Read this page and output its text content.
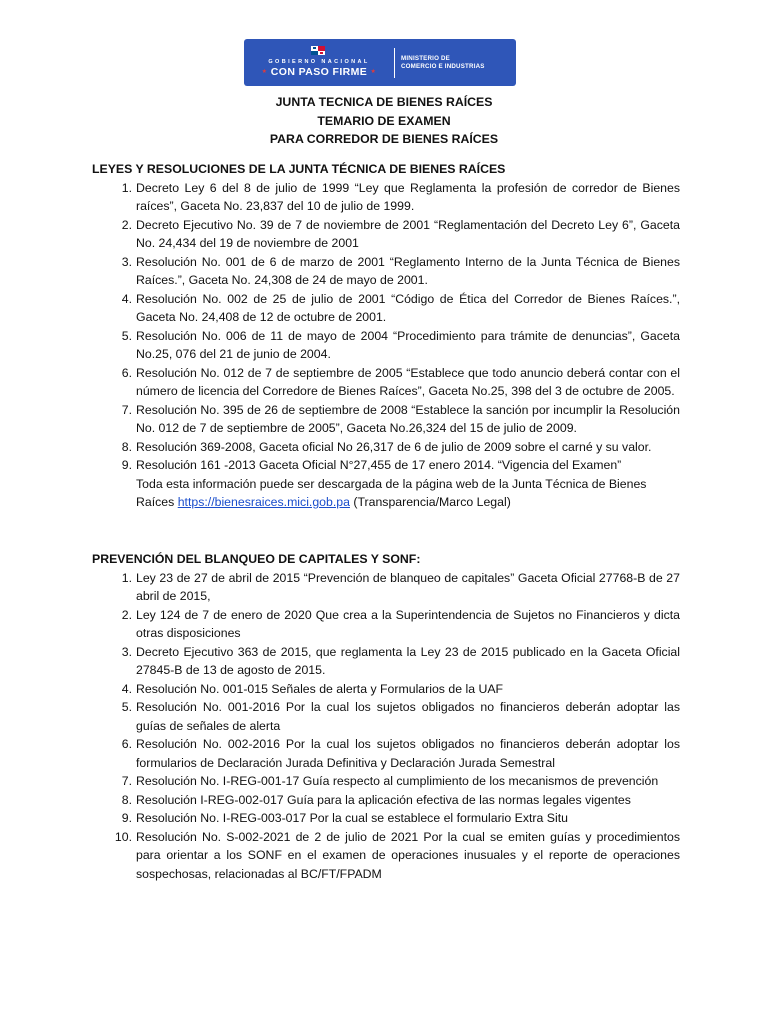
GOBIERNO NACIONAL
★ CON PASO FIRME ★
MINISTERIO DE
COMERCIO E INDUSTRIAS
JUNTA TECNICA DE BIENES RAÍCES
TEMARIO DE EXAMEN
PARA CORREDOR DE BIENES RAÍCES
LEYES Y RESOLUCIONES DE LA JUNTA TÉCNICA DE BIENES RAÍCES
1. Decreto Ley 6 del 8 de julio de 1999 “Ley que Reglamenta la profesión de corredor de Bienes raíces”, Gaceta No. 23,837 del 10 de julio de 1999.
2. Decreto Ejecutivo No. 39 de 7 de noviembre de 2001 “Reglamentación del Decreto Ley 6”, Gaceta No. 24,434 del 19 de noviembre de 2001
3. Resolución No. 001 de 6 de marzo de 2001 “Reglamento Interno de la Junta Técnica de Bienes Raíces.”, Gaceta No. 24,308 de 24 de mayo de 2001.
4. Resolución No. 002 de 25 de julio de 2001 “Código de Ética del Corredor de Bienes Raíces.”, Gaceta No. 24,408 de 12 de octubre de 2001.
5. Resolución No. 006 de 11 de mayo de 2004 “Procedimiento para trámite de denuncias”, Gaceta No.25, 076 del 21 de junio de 2004.
6. Resolución No. 012 de 7 de septiembre de 2005 “Establece que todo anuncio deberá contar con el número de licencia del Corredore de Bienes Raíces”, Gaceta No.25, 398 del 3 de octubre de 2005.
7. Resolución No. 395 de 26 de septiembre de 2008 “Establece la sanción por incumplir la Resolución No. 012 de 7 de septiembre de 2005”, Gaceta No.26,324 del 15 de julio de 2009.
8. Resolución 369-2008, Gaceta oficial No 26,317 de 6 de julio de 2009 sobre el carné y su valor.
9. Resolución 161 -2013 Gaceta Oficial N°27,455 de 17 enero 2014. “Vigencia del Examen”
Toda esta información puede ser descargada de la página web de la Junta Técnica de Bienes Raíces https://bienesraices.mici.gob.pa (Transparencia/Marco Legal)
PREVENCIÓN DEL BLANQUEO DE CAPITALES Y SONF:
1. Ley 23 de 27 de abril de 2015 “Prevención de blanqueo de capitales” Gaceta Oficial 27768-B de 27 abril de 2015,
2. Ley 124 de 7 de enero de 2020 Que crea a la Superintendencia de Sujetos no Financieros y dicta otras disposiciones
3. Decreto Ejecutivo 363 de 2015, que reglamenta la Ley 23 de 2015 publicado en la Gaceta Oficial 27845-B de 13 de agosto de 2015.
4. Resolución No. 001-015 Señales de alerta y Formularios de la UAF
5. Resolución No. 001-2016 Por la cual los sujetos obligados no financieros deberán adoptar las guías de señales de alerta
6. Resolución No. 002-2016 Por la cual los sujetos obligados no financieros deberán adoptar los formularios de Declaración Jurada Definitiva y Declaración Jurada Semestral
7. Resolución No. I-REG-001-17 Guía respecto al cumplimiento de los mecanismos de prevención
8. Resolución I-REG-002-017 Guía para la aplicación efectiva de las normas legales vigentes
9. Resolución No. I-REG-003-017 Por la cual se establece el formulario Extra Situ
10. Resolución No. S-002-2021 de 2 de julio de 2021 Por la cual se emiten guías y procedimientos para orientar a los SONF en el examen de operaciones inusuales y el reporte de operaciones sospechosas, relacionadas al BC/FT/FPADM
